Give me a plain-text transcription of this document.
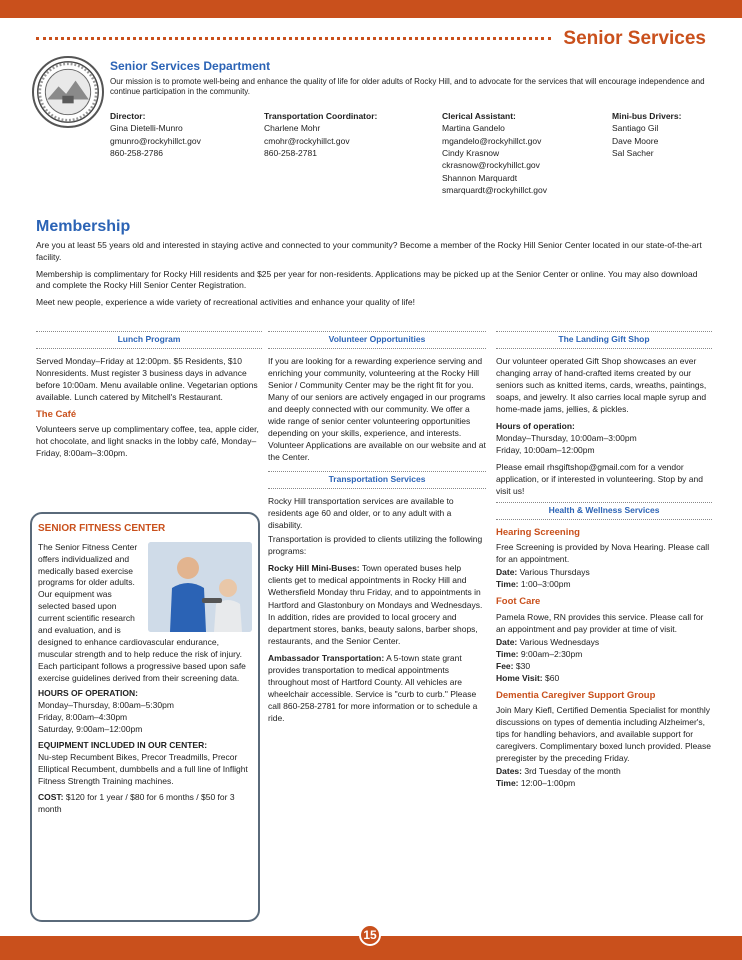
Senior Services
Senior Services Department
Our mission is to promote well-being and enhance the quality of life for older adults of Rocky Hill, and to advocate for the services that will encourage independence and continue participation in the community.
Director:
Gina Dietelli-Munro
gmunro@rockyhillct.gov
860-258-2786
Transportation Coordinator:
Charlene Mohr
cmohr@rockyhillct.gov
860-258-2781
Clerical Assistant:
Martina Gandelo
mgandelo@rockyhillct.gov
Cindy Krasnow
ckrasnow@rockyhillct.gov
Shannon Marquardt
smarquardt@rockyhillct.gov
Mini-bus Drivers:
Santiago Gil
Dave Moore
Sal Sacher
Membership

Are you at least 55 years old and interested in staying active and connected to your community? Become a member of the Rocky Hill Senior Center located in our state-of-the-art facility.

Membership is complimentary for Rocky Hill residents and $25 per year for non-residents. Applications may be picked up at the Senior Center or online. You may also download and complete the Rocky Hill Senior Center Registration.

Meet new people, experience a wide variety of recreational activities and enhance your quality of life!

Lunch Program

Served Monday–Friday at 12:00pm. $5 Residents, $10 Nonresidents. Must register 3 business days in advance before 10:00am. Menu available online. Vegetarian options available. Lunch catered by Mitchell's Restaurant.

The Café

Volunteers serve up complimentary coffee, tea, apple cider, hot chocolate, and light snacks in the lobby café, Monday–Friday, 8:00am–3:00pm.

SENIOR FITNESS CENTER

The Senior Fitness Center offers individualized and medically based exercise programs for older adults. Our equipment was selected based upon current scientific research and evaluation, and is designed to enhance cardiovascular endurance, muscular strength and to help reduce the risk of injury. Each participant follows a progressive based upon safe exercise guidelines derived from their screening data.

HOURS OF OPERATION:

Monday–Thursday, 8:00am–5:30pm
Friday, 8:00am–4:30pm
Saturday, 9:00am–12:00pm

EQUIPMENT INCLUDED IN OUR CENTER:

Nu-step Recumbent Bikes, Precor Treadmills, Precor Elliptical Recumbent, dumbbells and a full line of Inflight Fitness Strength Training machines.

COST: $120 for 1 year / $80 for 6 months / $50 for 3 month

Volunteer Opportunities

If you are looking for a rewarding experience serving and enriching your community, volunteering at the Rocky Hill Senior / Community Center may be the right fit for you. Many of our seniors are actively engaged in our programs and deeply connected with our community. We offer a wide range of senior center volunteering opportunities depending on your skills, experience, and interests. Volunteer Applications are available on our website and at the Center.

Transportation Services

Rocky Hill transportation services are available to residents age 60 and older, or to any adult with a disability.

Transportation is provided to clients utilizing the following programs:

Rocky Hill Mini-Buses: Town operated buses help clients get to medical appointments in Rocky Hill and Wethersfield Monday thru Friday, and to appointments in Hartford and Glastonbury on Mondays and Wednesdays. In addition, rides are provided to local grocery and department stores, banks, beauty salons, barber shops, restaurants, and the Senior Center.

Ambassador Transportation: A 5-town state grant provides transportation to medical appointments throughout most of Hartford County. All vehicles are wheelchair accessible. Service is "curb to curb." Please call 860-258-2781 for more information or to schedule a ride.

The Landing Gift Shop

Our volunteer operated Gift Shop showcases an ever changing array of hand-crafted items created by our seniors such as knitted items, cards, wreaths, paintings, soaps, and jewelry. It also carries local maple syrup and home-made jams, jellies, & pickles.

Hours of operation:

Monday–Thursday, 10:00am–3:00pm
Friday, 10:00am–12:00pm

Please email rhsgiftshop@gmail.com for a vendor application, or if interested in volunteering. Stop by and visit us!

Health & Wellness Services
Hearing Screening

Free Screening is provided by Nova Hearing. Please call for an appointment.

Date: Various Thursdays

Time: 1:00–3:00pm

Foot Care

Pamela Rowe, RN provides this service. Please call for an appointment and pay provider at time of visit.

Date: Various Wednesdays

Time: 9:00am–2:30pm

Fee: $30

Home Visit: $60

Dementia Caregiver Support Group

Join Mary Kiefl, Certified Dementia Specialist for monthly discussions on types of dementia including Alzheimer's, tips for handling behaviors, and available support for caregivers. Complimentary boxed lunch provided. Please preregister by the preceding Friday.

Dates: 3rd Tuesday of the month

Time: 12:00–1:00pm

15
